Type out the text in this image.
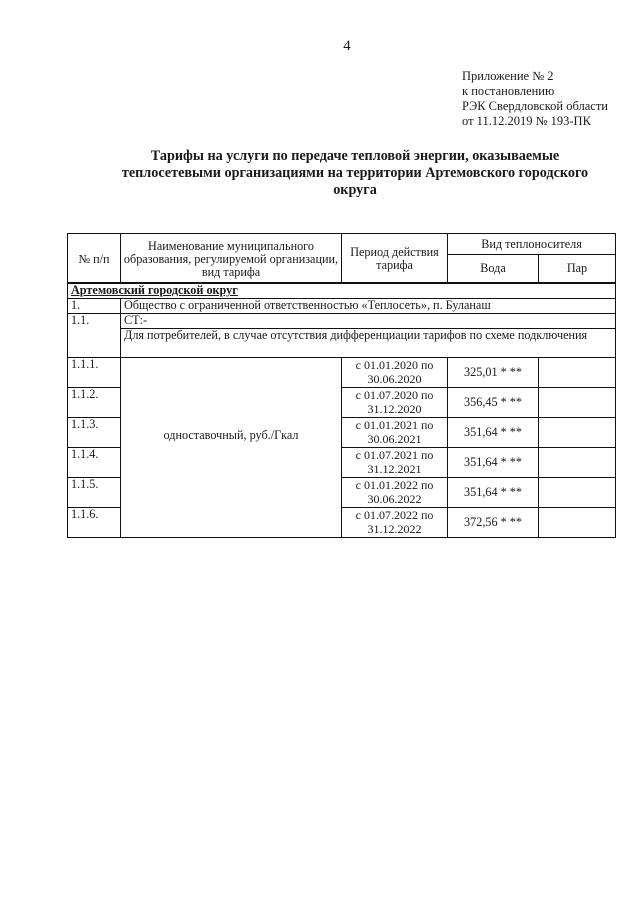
4
Приложение № 2
к постановлению
РЭК Свердловской области
от 11.12.2019 № 193-ПК
Тарифы на услуги по передаче тепловой энергии, оказываемые
теплосетевыми организациями на территории Артемовского городского
округа
№ п/п	Наименование муниципального образования, регулируемой организации, вид тарифа	Период действия тарифа	Вид теплоносителя	
			Вода	Пар
Артемовский городской округ				
1.	Общество с ограниченной ответственностью «Теплосеть», п. Буланаш			
1.1.	СТ:-			
	Для потребителей, в случае отсутствия дифференциации тарифов по схеме подключения			
1.1.1.	одноставочный, руб./Гкал	с 01.01.2020 по 30.06.2020	325,01 * **	
1.1.2.		с 01.07.2020 по 31.12.2020	356,45 * **	
1.1.3.		с 01.01.2021 по 30.06.2021	351,64 * **	
1.1.4.		с 01.07.2021 по 31.12.2021	351,64 * **	
1.1.5.		с 01.01.2022 по 30.06.2022	351,64 * **	
1.1.6.		с 01.07.2022 по 31.12.2022	372,56 * **	
